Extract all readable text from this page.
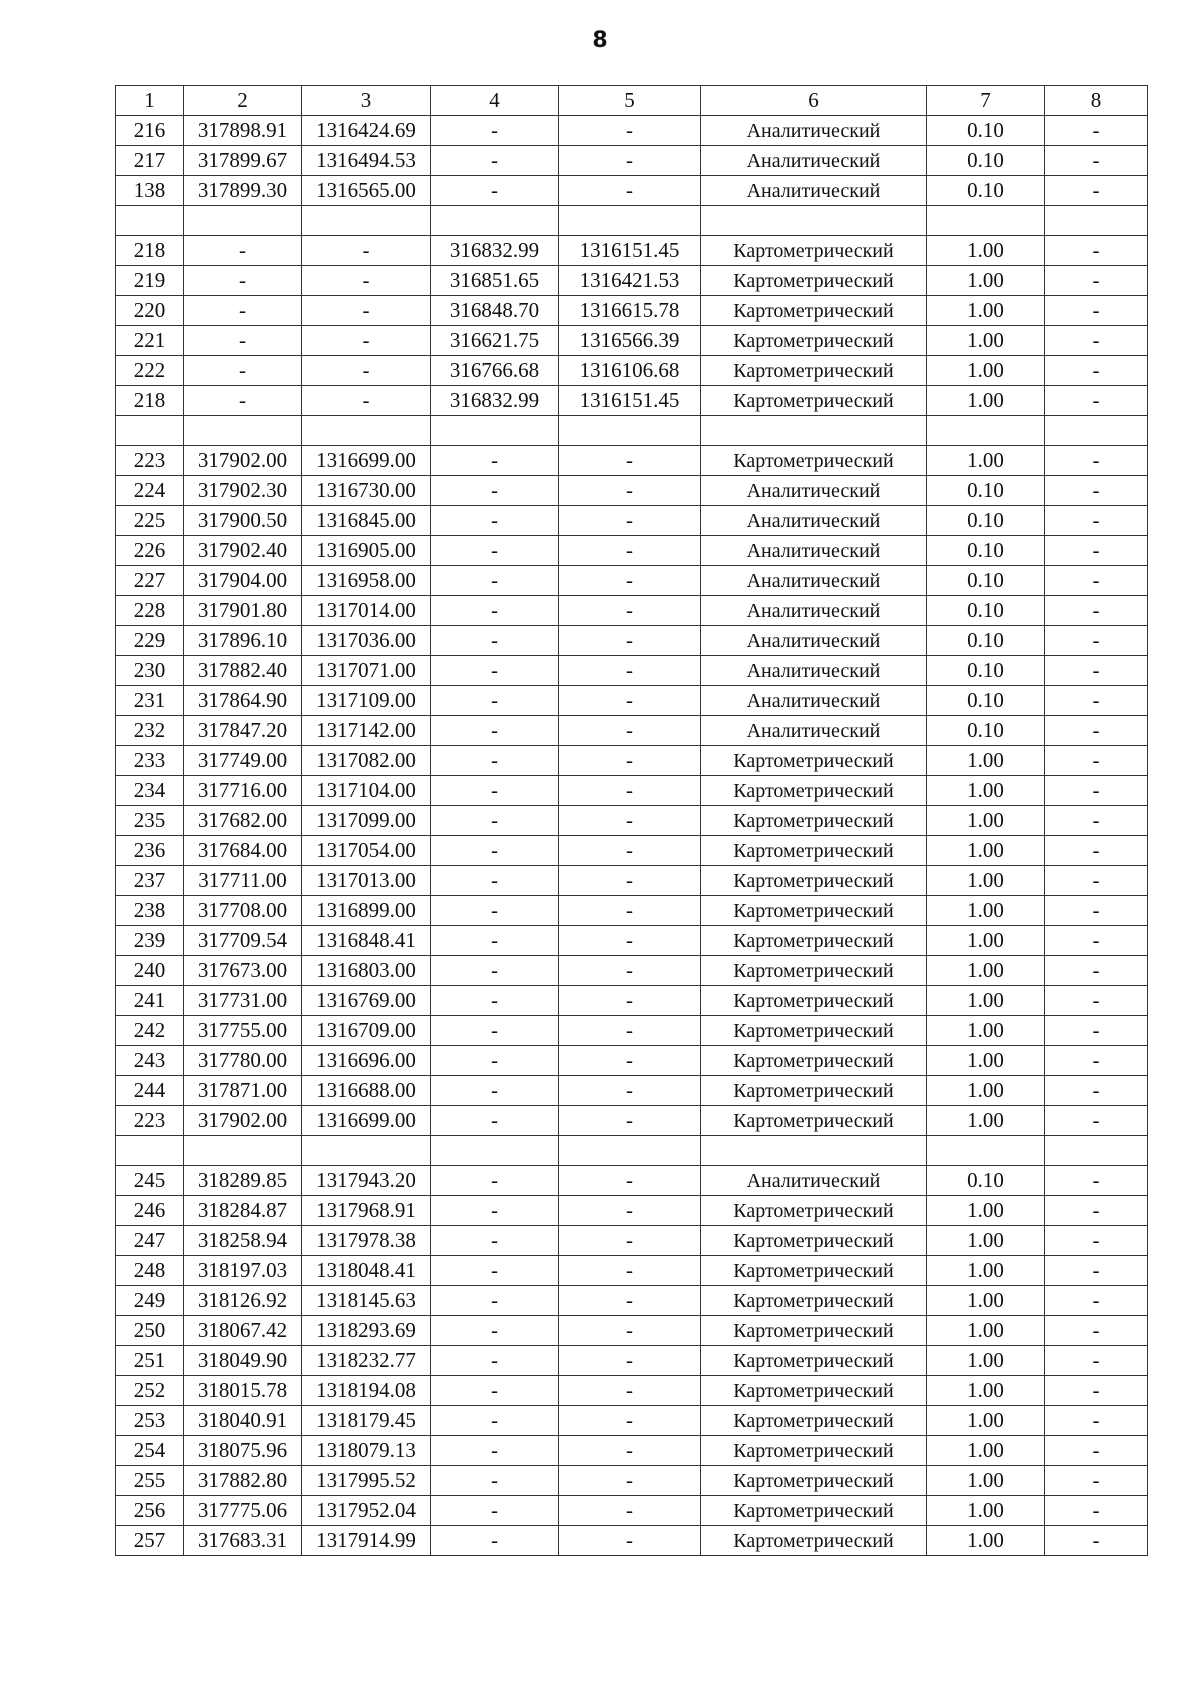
8
1	2	3	4	5	6	7	8
216	317898.91	1316424.69	-	-	Аналитический	0.10	-
217	317899.67	1316494.53	-	-	Аналитический	0.10	-
138	317899.30	1316565.00	-	-	Аналитический	0.10	-

218	-	-	316832.99	1316151.45	Картометрический	1.00	-
219	-	-	316851.65	1316421.53	Картометрический	1.00	-
220	-	-	316848.70	1316615.78	Картометрический	1.00	-
221	-	-	316621.75	1316566.39	Картометрический	1.00	-
222	-	-	316766.68	1316106.68	Картометрический	1.00	-
218	-	-	316832.99	1316151.45	Картометрический	1.00	-

223	317902.00	1316699.00	-	-	Картометрический	1.00	-
224	317902.30	1316730.00	-	-	Аналитический	0.10	-
225	317900.50	1316845.00	-	-	Аналитический	0.10	-
226	317902.40	1316905.00	-	-	Аналитический	0.10	-
227	317904.00	1316958.00	-	-	Аналитический	0.10	-
228	317901.80	1317014.00	-	-	Аналитический	0.10	-
229	317896.10	1317036.00	-	-	Аналитический	0.10	-
230	317882.40	1317071.00	-	-	Аналитический	0.10	-
231	317864.90	1317109.00	-	-	Аналитический	0.10	-
232	317847.20	1317142.00	-	-	Аналитический	0.10	-
233	317749.00	1317082.00	-	-	Картометрический	1.00	-
234	317716.00	1317104.00	-	-	Картометрический	1.00	-
235	317682.00	1317099.00	-	-	Картометрический	1.00	-
236	317684.00	1317054.00	-	-	Картометрический	1.00	-
237	317711.00	1317013.00	-	-	Картометрический	1.00	-
238	317708.00	1316899.00	-	-	Картометрический	1.00	-
239	317709.54	1316848.41	-	-	Картометрический	1.00	-
240	317673.00	1316803.00	-	-	Картометрический	1.00	-
241	317731.00	1316769.00	-	-	Картометрический	1.00	-
242	317755.00	1316709.00	-	-	Картометрический	1.00	-
243	317780.00	1316696.00	-	-	Картометрический	1.00	-
244	317871.00	1316688.00	-	-	Картометрический	1.00	-
223	317902.00	1316699.00	-	-	Картометрический	1.00	-

245	318289.85	1317943.20	-	-	Аналитический	0.10	-
246	318284.87	1317968.91	-	-	Картометрический	1.00	-
247	318258.94	1317978.38	-	-	Картометрический	1.00	-
248	318197.03	1318048.41	-	-	Картометрический	1.00	-
249	318126.92	1318145.63	-	-	Картометрический	1.00	-
250	318067.42	1318293.69	-	-	Картометрический	1.00	-
251	318049.90	1318232.77	-	-	Картометрический	1.00	-
252	318015.78	1318194.08	-	-	Картометрический	1.00	-
253	318040.91	1318179.45	-	-	Картометрический	1.00	-
254	318075.96	1318079.13	-	-	Картометрический	1.00	-
255	317882.80	1317995.52	-	-	Картометрический	1.00	-
256	317775.06	1317952.04	-	-	Картометрический	1.00	-
257	317683.31	1317914.99	-	-	Картометрический	1.00	-
